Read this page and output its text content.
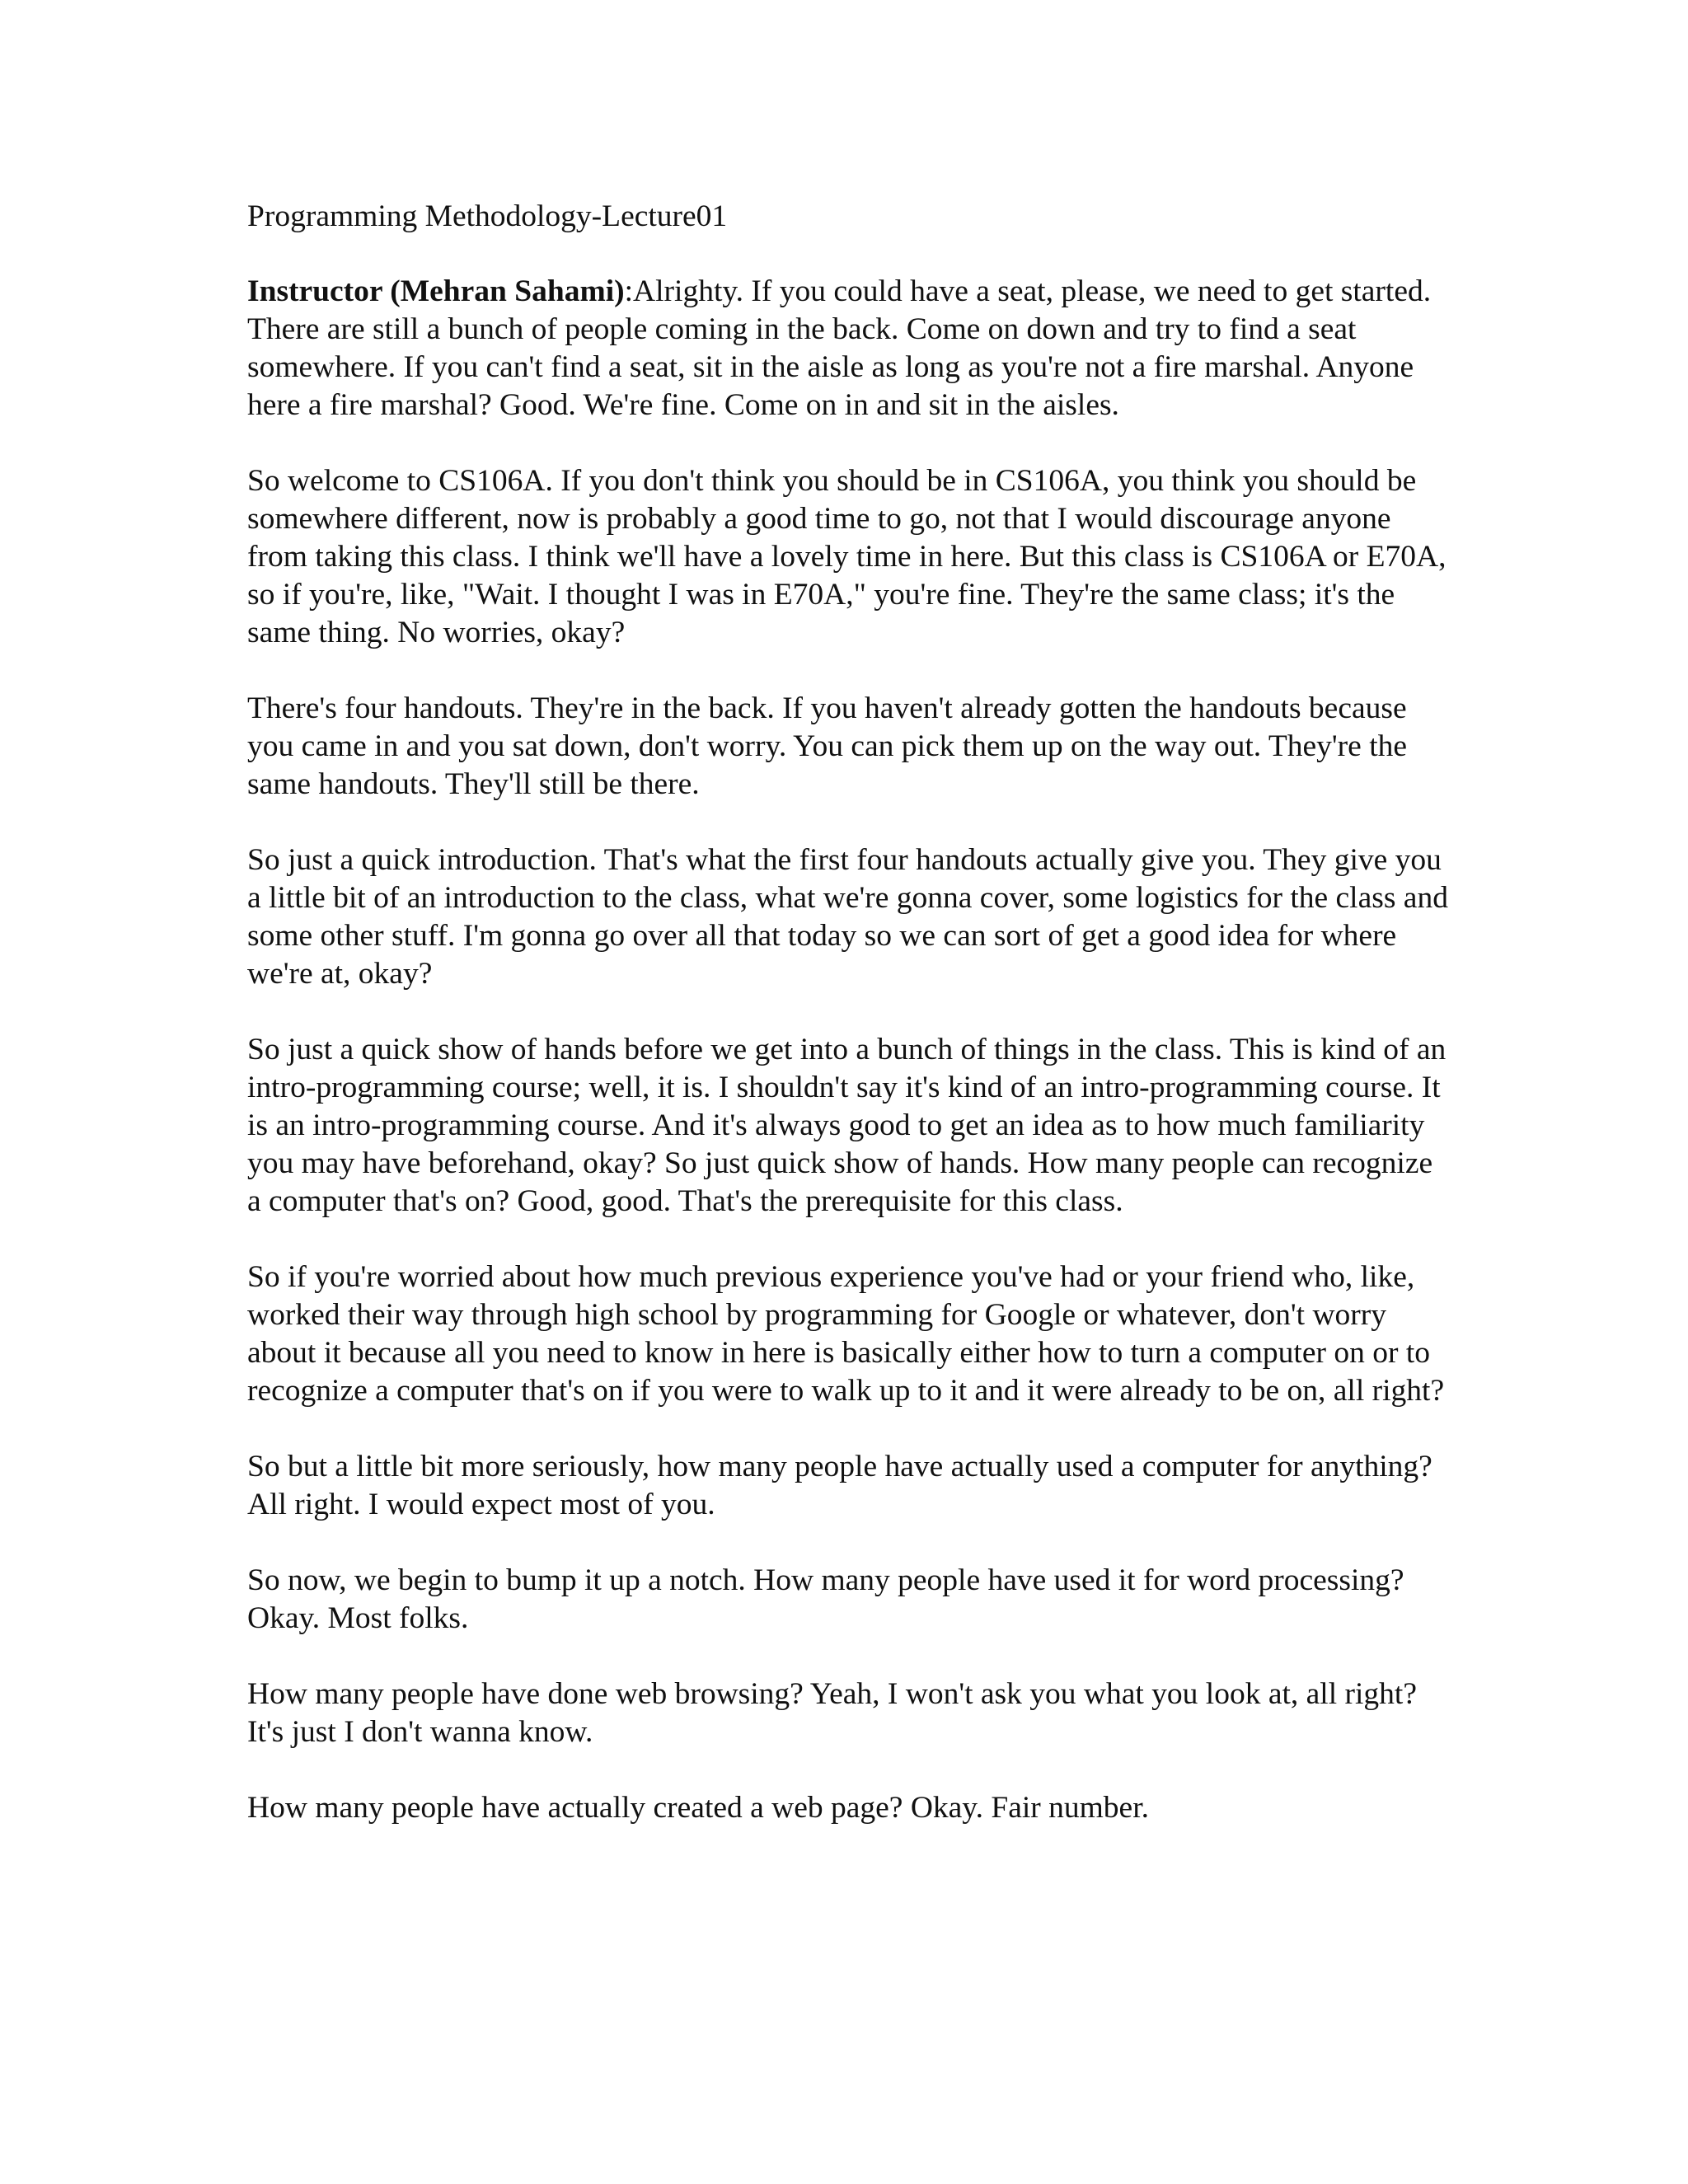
Programming Methodology-Lecture01

Instructor (Mehran Sahami):Alrighty. If you could have a seat, please, we need to get started. There are still a bunch of people coming in the back. Come on down and try to find a seat somewhere. If you can't find a seat, sit in the aisle as long as you're not a fire marshal. Anyone here a fire marshal? Good. We're fine. Come on in and sit in the aisles.

So welcome to CS106A. If you don't think you should be in CS106A, you think you should be somewhere different, now is probably a good time to go, not that I would discourage anyone from taking this class. I think we'll have a lovely time in here. But this class is CS106A or E70A, so if you're, like, "Wait. I thought I was in E70A," you're fine. They're the same class; it's the same thing. No worries, okay?

There's four handouts. They're in the back. If you haven't already gotten the handouts because you came in and you sat down, don't worry. You can pick them up on the way out. They're the same handouts. They'll still be there.

So just a quick introduction. That's what the first four handouts actually give you. They give you a little bit of an introduction to the class, what we're gonna cover, some logistics for the class and some other stuff. I'm gonna go over all that today so we can sort of get a good idea for where we're at, okay?

So just a quick show of hands before we get into a bunch of things in the class. This is kind of an intro-programming course; well, it is. I shouldn't say it's kind of an intro-programming course. It is an intro-programming course. And it's always good to get an idea as to how much familiarity you may have beforehand, okay? So just quick show of hands. How many people can recognize a computer that's on? Good, good. That's the prerequisite for this class.

So if you're worried about how much previous experience you've had or your friend who, like, worked their way through high school by programming for Google or whatever, don't worry about it because all you need to know in here is basically either how to turn a computer on or to recognize a computer that's on if you were to walk up to it and it were already to be on, all right?

So but a little bit more seriously, how many people have actually used a computer for anything? All right. I would expect most of you.

So now, we begin to bump it up a notch. How many people have used it for word processing? Okay. Most folks.

How many people have done web browsing? Yeah, I won't ask you what you look at, all right? It's just I don't wanna know.

How many people have actually created a web page? Okay. Fair number.
